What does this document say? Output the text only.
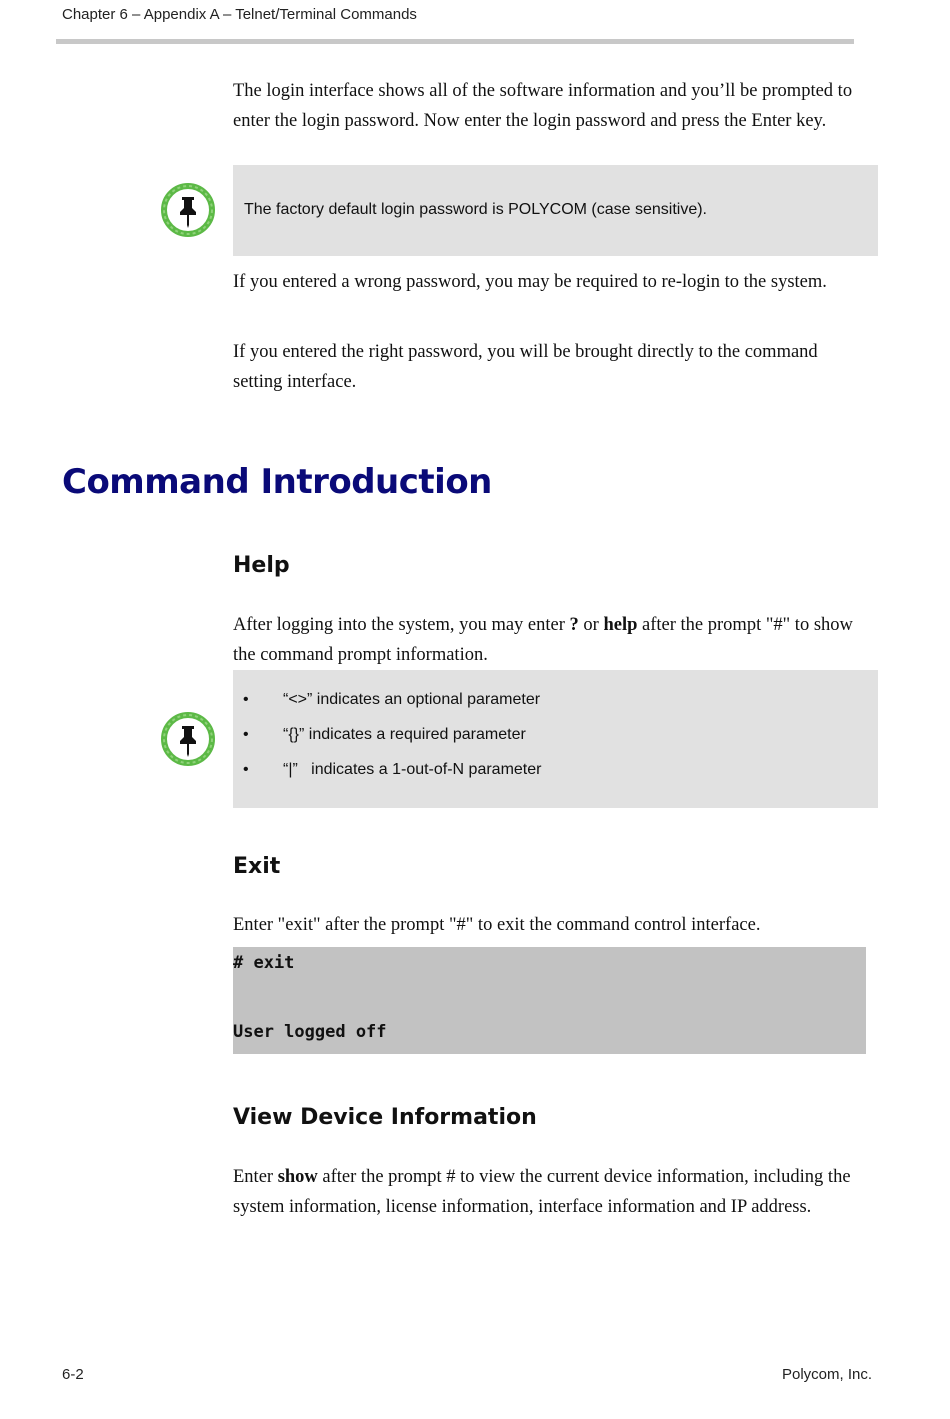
Chapter 6 – Appendix A – Telnet/Terminal Commands

The login interface shows all of the software information and you’ll be prompted to enter the login password. Now enter the login password and press the Enter key.

The factory default login password is POLYCOM (case sensitive).

If you entered a wrong password, you may be required to re-login to the system.

If you entered the right password, you will be brought directly to the command setting interface.

Command Introduction
Help

After logging into the system, you may enter ? or help after the prompt "#" to show the command prompt information.

• “<>” indicates an optional parameter
• “{}” indicates a required parameter
• “|”   indicates a 1-out-of-N parameter
Exit

Enter "exit" after the prompt "#" to exit the command control interface.

# exit
User logged off
View Device Information

Enter show after the prompt # to view the current device information, including the system information, license information, interface information and IP address.

6-2	Polycom, Inc.
